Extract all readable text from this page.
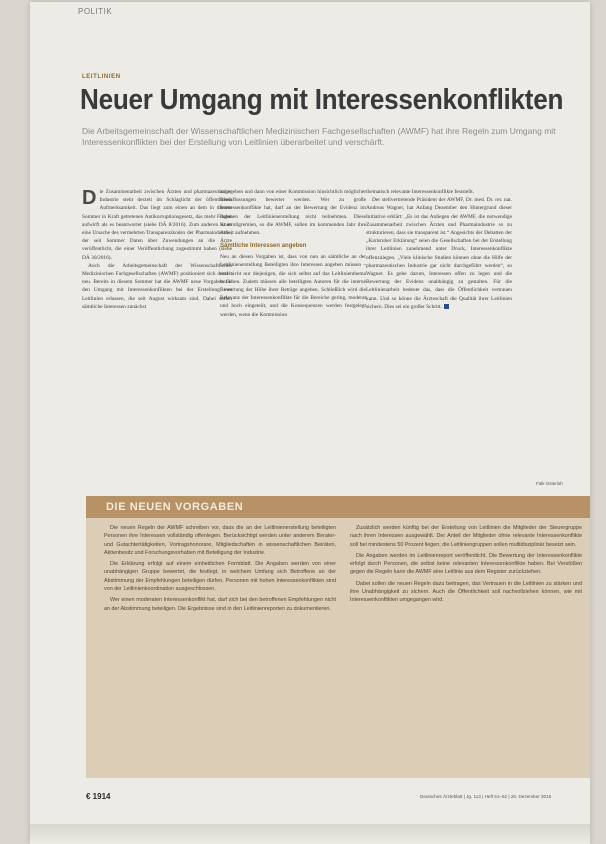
POLITIK
LEITLINIEN
Neuer Umgang mit Interessenkonflikten
Die Arbeitsgemeinschaft der Wissenschaftlichen Medizinischen Fachgesellschaften (AWMF) hat ihre Regeln zum Umgang mit Interessenkonflikten bei der Erstellung von Leitlinien überarbeitet und verschärft.

Die Zusammenarbeit zwischen Ärzten und pharmazeutischer Industrie steht derzeit im Schlaglicht der öffentlichen Aufmerksamkeit. Das liegt zum einen an dem in diesem Sommer in Kraft getretenen Antikorruptionsgesetz, das mehr Fragen aufwirft als es beantwortet (siehe DÄ 8/2016). Zum anderen ist es eine Ursache des vermehrten Transparenzkodex der Pharmaindustrie, der seit Sommer Daten über Zuwendungen an die Ärzte veröffentlicht, die einer Veröffentlichung zugestimmt haben (siehe DÄ 30/2016).

Auch die Arbeitsgemeinschaft der Wissenschaftlichen Medizinischen Fachgesellschaften (AWMF) positioniert sich derzeit neu. Bereits in diesem Sommer hat die AWMF neue Vorgaben für den Umgang mit Interessenkonflikten bei der Erstellung von Leitlinien erlassen, die seit August wirksam sind. Dabei sollen sämtliche Interessen zunächst

angegeben und dann von einer Kommission hinsichtlich möglicher Beeinflussungen bewertet werden. Wer zu große Interessenkonflikte hat, darf an der Bewertung der Evidenz im Rahmen der Leitlinienerstellung nicht teilnehmen. Diese Kontrollgremien, so die AWMF, sollen im kommenden Jahr ihre Arbeit aufnehmen.

Sämtliche Interessen angeben

Neu an diesen Vorgaben ist, dass von nun an sämtliche an der Leitlinienerstellung Beteiligten ihre Interessen angeben müssen – und nicht nur diejenigen, die sich selbst auf das Leitlinienthema beziehen. Zudem müssen alle beteiligten Autoren für die interne Bewertung der Höhe ihrer Beträge angeben. Schließlich wird die Relevanz der Interessenkonflikte für die Bereiche gering, moderat und hoch eingeteilt, und die Konsequenzen werden festgelegt werden, wenn die Kommission

thematisch relevante Interessenkonflikte feststellt.

Der stellvertretende Präsident der AWMF, Dr. med. Dr. rer. nat. Andreas Wagner, hat Anfang Dezember den Hintergrund dieser Initiative erklärt: „Es ist das Anliegen der AWMF, die notwendige Zusammenarbeit zwischen Ärzten und Pharmaindustrie so zu strukturieren, dass sie transparent ist.“ Angesichts der Debatten der „Karlsruher Erklärung“ seien die Gesellschaften bei der Erstellung ihrer Leitlinien zunehmend unter Druck, Interessenkonflikte offenzulegen. „Viele klinische Studien können ohne die Hilfe der pharmazeutischen Industrie gar nicht durchgeführt werden“, so Wagner. Es gehe darum, Interessen offen zu legen und die Bewertung der Evidenz unabhängig zu gestalten. Für die Leitlinienarbeit bedeute das, dass die Öffentlichkeit vertrauen kann. Und so könne die Ärzteschaft die Qualität ihrer Leitlinien sichern. Dies sei ein großer Schritt.

Falk Osterloh
DIE NEUEN VORGABEN

Die neuen Regeln der AWMF schreiben vor, dass die an der Leitlinienerstellung beteiligten Personen ihre Interessen vollständig offenlegen. Berücksichtigt werden unter anderem Berater- und Gutachtertätigkeiten, Vortragshonorare, Mitgliedschaften in wissenschaftlichen Beiräten, Aktienbesitz und Forschungsvorhaben mit Beteiligung der Industrie.

Die Erklärung erfolgt auf einem einheitlichen Formblatt. Die Angaben werden von einer unabhängigen Gruppe bewertet, die festlegt, in welchem Umfang sich Betroffene an der Abstimmung der Empfehlungen beteiligen dürfen. Personen mit hohen Interessenkonflikten sind von der Leitlinienkoordination ausgeschlossen.

Wer einen moderaten Interessenkonflikt hat, darf sich bei den betroffenen Empfehlungen nicht an der Abstimmung beteiligen. Die Ergebnisse sind in den Leitlinienreporten zu dokumentieren.

Zusätzlich werden künftig bei der Erstellung von Leitlinien die Mitglieder der Steuergruppe nach ihren Interessen ausgewählt. Der Anteil der Mitglieder ohne relevante Interessenkonflikte soll bei mindestens 50 Prozent liegen; die Leitliniengruppen sollen multidisziplinär besetzt sein.

Die Angaben werden im Leitlinienreport veröffentlicht. Die Bewertung der Interessenkonflikte erfolgt durch Personen, die selbst keine relevanten Interessenkonflikte haben. Bei Verstößen gegen die Regeln kann die AWMF eine Leitlinie aus dem Register zurückziehen.

Dabei sollen die neuen Regeln dazu beitragen, das Vertrauen in die Leitlinien zu stärken und ihre Unabhängigkeit zu sichern. Auch die Öffentlichkeit soll nachvollziehen können, wie mit Interessenkonflikten umgegangen wird.

€ 1914	Deutsches Ärzteblatt | Jg. 113 | Heft 51–52 | 26. Dezember 2016
